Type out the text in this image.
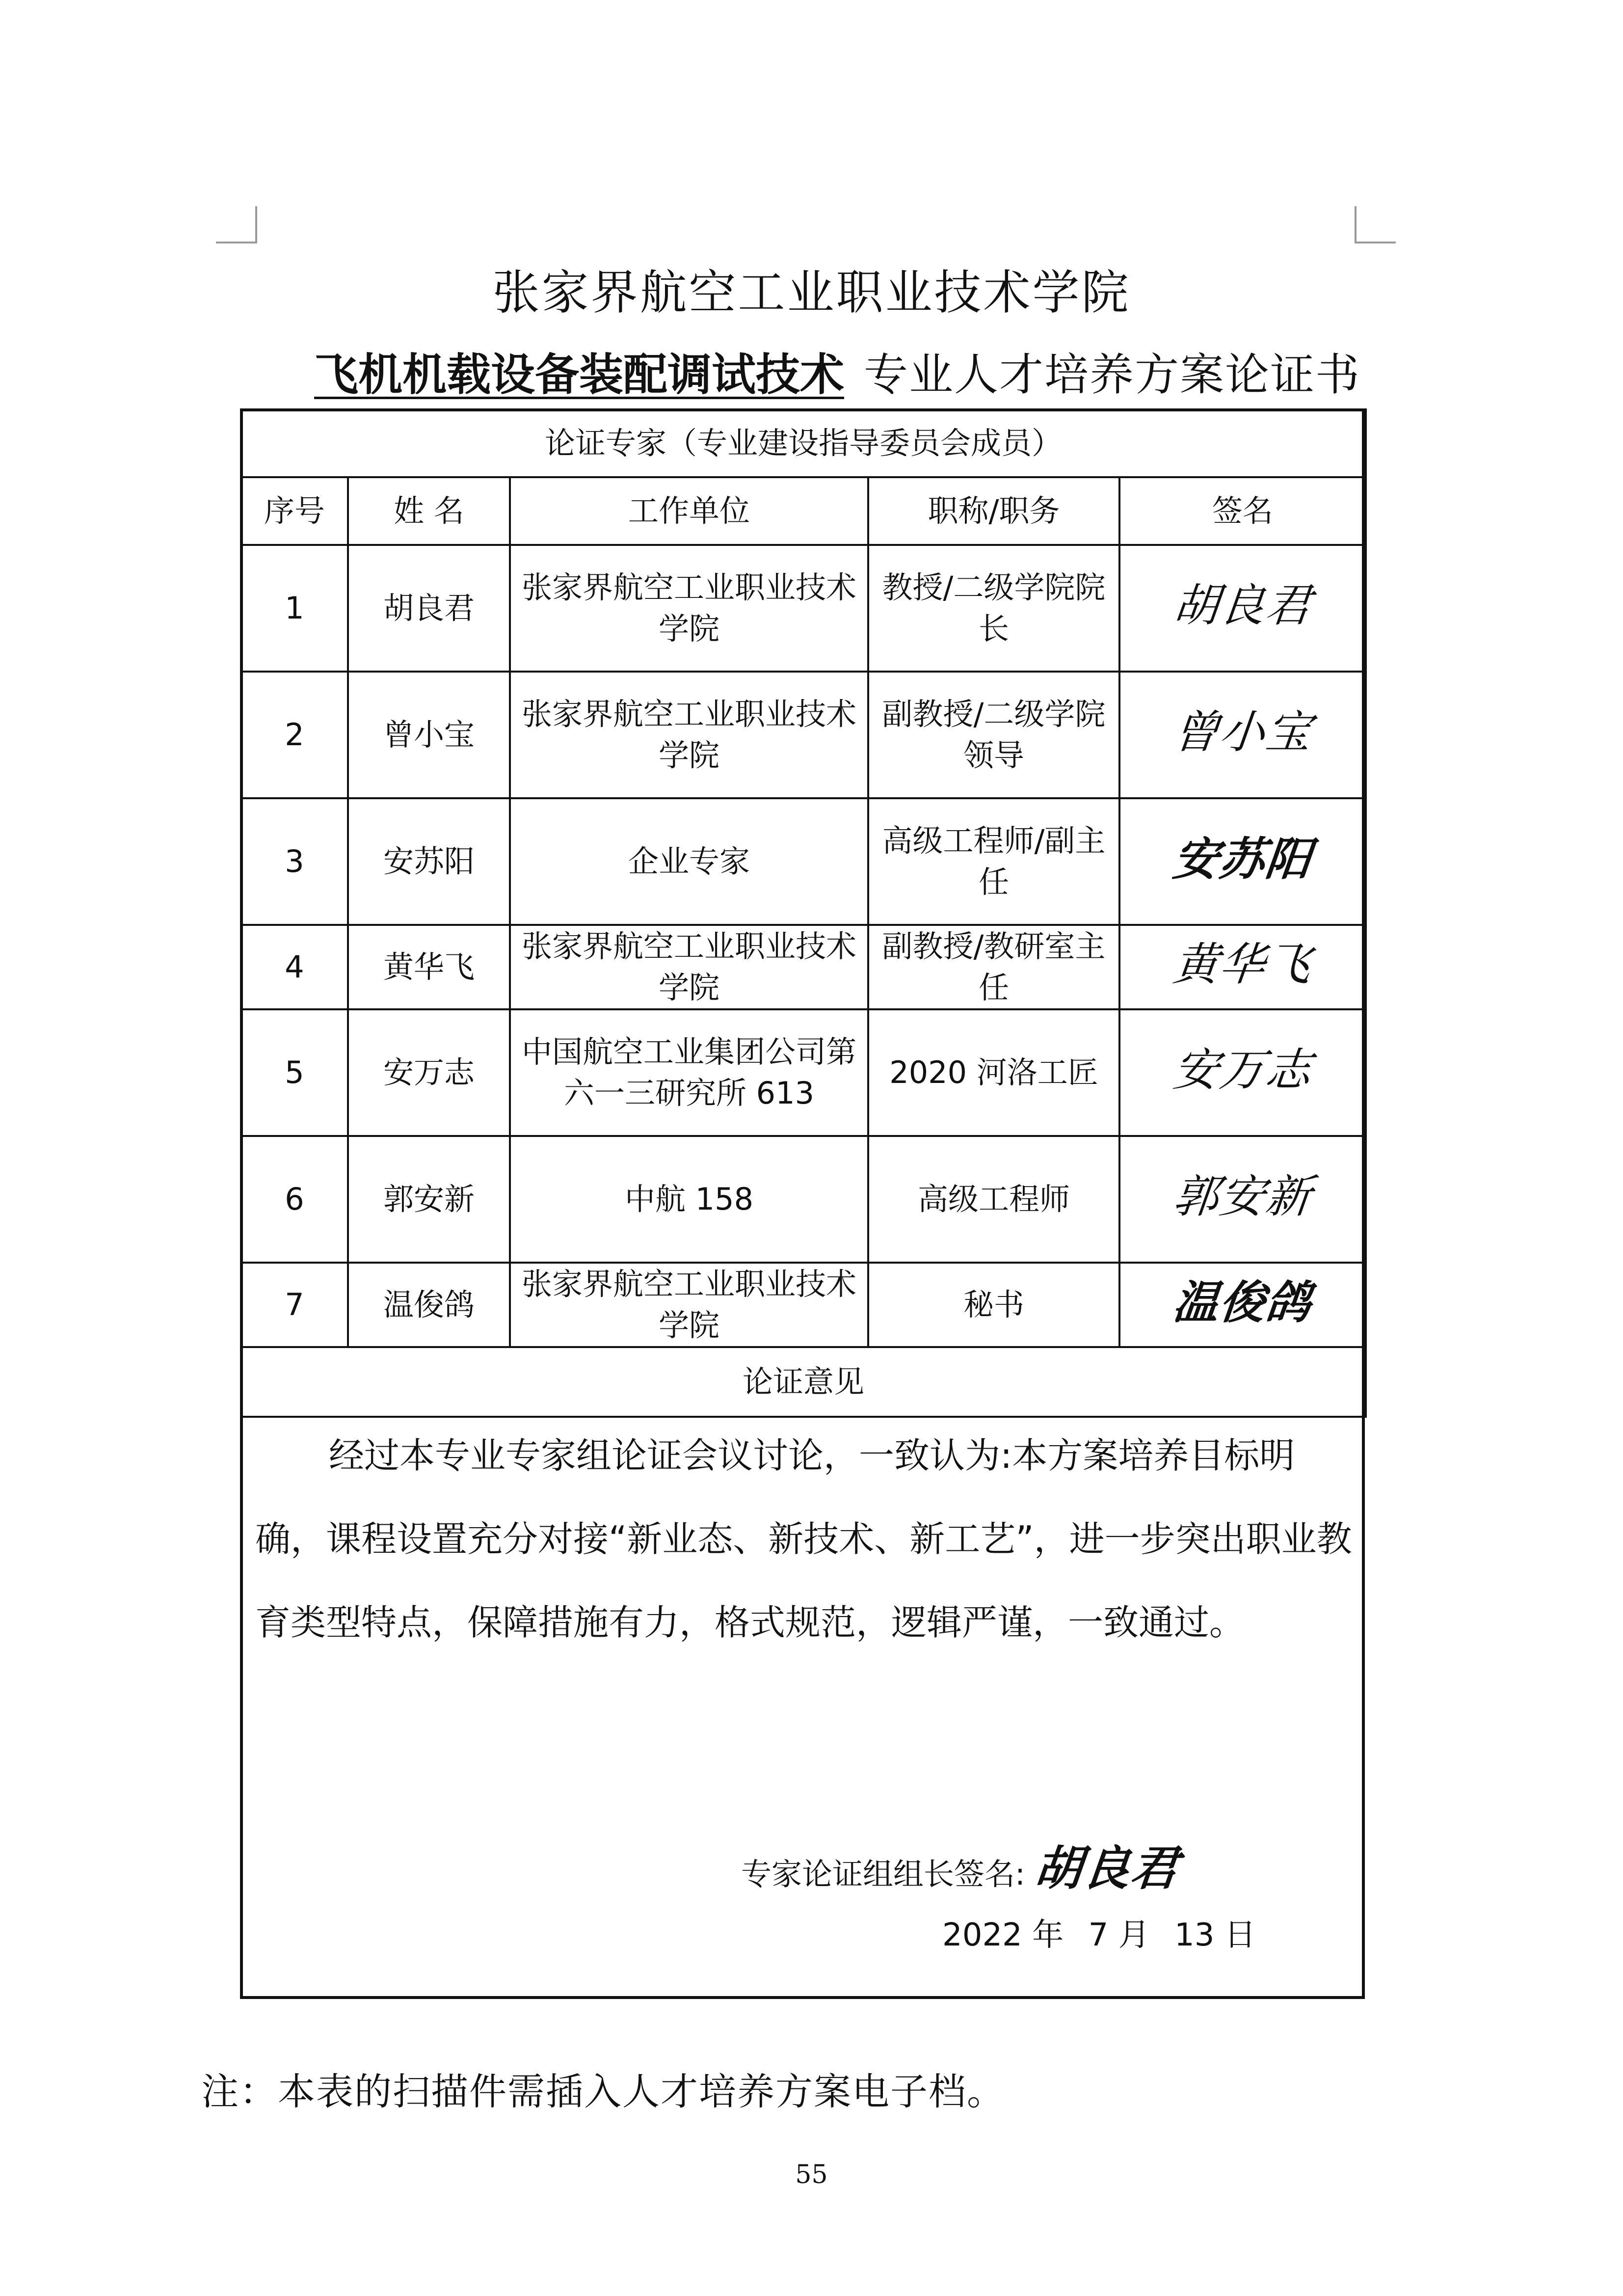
张家界航空工业职业技术学院
飞机机载设备装配调试技术 专业人才培养方案论证书
论证专家（专业建设指导委员会成员）				
序号	姓 名	工作单位	职称/职务	签名
1	胡良君	张家界航空工业职业技术学院	教授/二级学院院长	胡良君
2	曾小宝	张家界航空工业职业技术学院	副教授/二级学院领导	曾小宝
3	安苏阳	企业专家	高级工程师/副主任	安苏阳
4	黄华飞	张家界航空工业职业技术学院	副教授/教研室主任	黄华飞
5	安万志	中国航空工业集团公司第六一三研究所 613	2020 河洛工匠	安万志
6	郭安新	中航 158	高级工程师	郭安新
7	温俊鸽	张家界航空工业职业技术学院	秘书	温俊鸽
论证意见				

经过本专业专家组论证会议讨论，一致认为:本方案培养目标明确，课程设置充分对接“新业态、新技术、新工艺”，进一步突出职业教育类型特点，保障措施有力，格式规范，逻辑严谨，一致通过。

专家论证组组长签名: 胡良君
2022 年 7 月 13 日
注：本表的扫描件需插入人才培养方案电子档。
55
